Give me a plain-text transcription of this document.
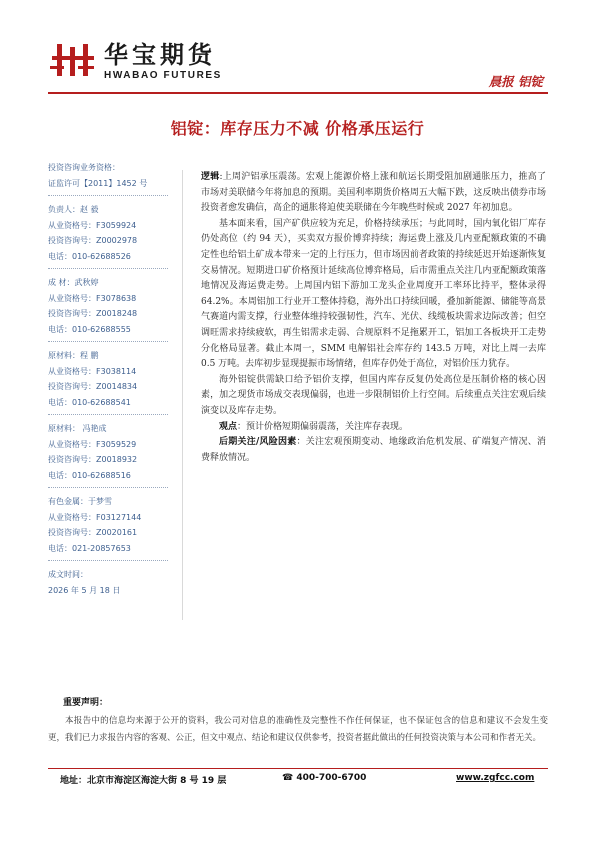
华宝期货
HWABAO FUTURES	晨报 铝锭
铝锭：库存压力不减 价格承压运行
投资咨询业务资格：
证监许可【2011】1452 号
负责人：赵 毅
从业资格号：F3059924
投资咨询号：Z0002978
电话：010-62688526
成 材：武秋婷
从业资格号：F3078638
投资咨询号：Z0018248
电话：010-62688555
原材料：程 鹏
从业资格号：F3038114
投资咨询号：Z0014834
电话：010-62688541
原材料： 冯艳成
从业资格号：F3059529
投资咨询号：Z0018932
电话：010-62688516
有色金属：于梦雪
从业资格号：F03127144
投资咨询号：Z0020161
电话：021-20857653
成文时间：
2026 年 5 月 18 日

逻辑:上周沪铝承压震荡。宏观上能源价格上涨和航运长期受阻加剧通胀压力，推高了市场对美联储今年将加息的预期。美国利率期货价格周五大幅下跌，这反映出债券市场投资者愈发确信，高企的通胀将迫使美联储在今年晚些时候或 2027 年初加息。

基本面来看，国产矿供应较为充足，价格持续承压；与此同时，国内氧化铝厂库存仍处高位（约 94 天），买卖双方报价博弈持续；海运费上涨及几内亚配额政策的不确定性也给铝土矿成本带来一定的上行压力，但市场因前者政策的持续延迟开始逐渐恢复交易情况。短期进口矿价格预计延续高位博弈格局，后市需重点关注几内亚配额政策落地情况及海运费走势。上周国内铝下游加工龙头企业周度开工率环比持平，整体录得 64.2%。本周铝加工行业开工整体持稳，海外出口持续回暖，叠加新能源、储能等高景气赛道内需支撑，行业整体维持较强韧性，汽车、光伏、线缆板块需求边际改善；但空调旺需求持续疲软，再生铝需求走弱、合规原料不足拖累开工，铝加工各板块开工走势分化格局显著。截止本周一，SMM 电解铝社会库存约 143.5 万吨，对比上周一去库 0.5 万吨。去库初步显现提振市场情绪，但库存仍处于高位，对铝价压力犹存。

海外铝锭供需缺口给予铝价支撑，但国内库存反复仍处高位是压制价格的核心因素，加之现货市场成交表现偏弱，也进一步限制铝价上行空间。后续重点关注宏观后续演变以及库存走势。

观点：预计价格短期偏弱震荡，关注库存表现。

后期关注/风险因素：关注宏观预期变动、地缘政治危机发展、矿端复产情况、消费释放情况。

重要声明：

本报告中的信息均来源于公开的资料，我公司对信息的准确性及完整性不作任何保证，也不保证包含的信息和建议不会发生变更，我们已力求报告内容的客观、公正，但文中观点、结论和建议仅供参考，投资者据此做出的任何投资决策与本公司和作者无关。

地址：北京市海淀区海淀大街 8 号 19 层	☎ 400-700-6700	www.zgfcc.com
